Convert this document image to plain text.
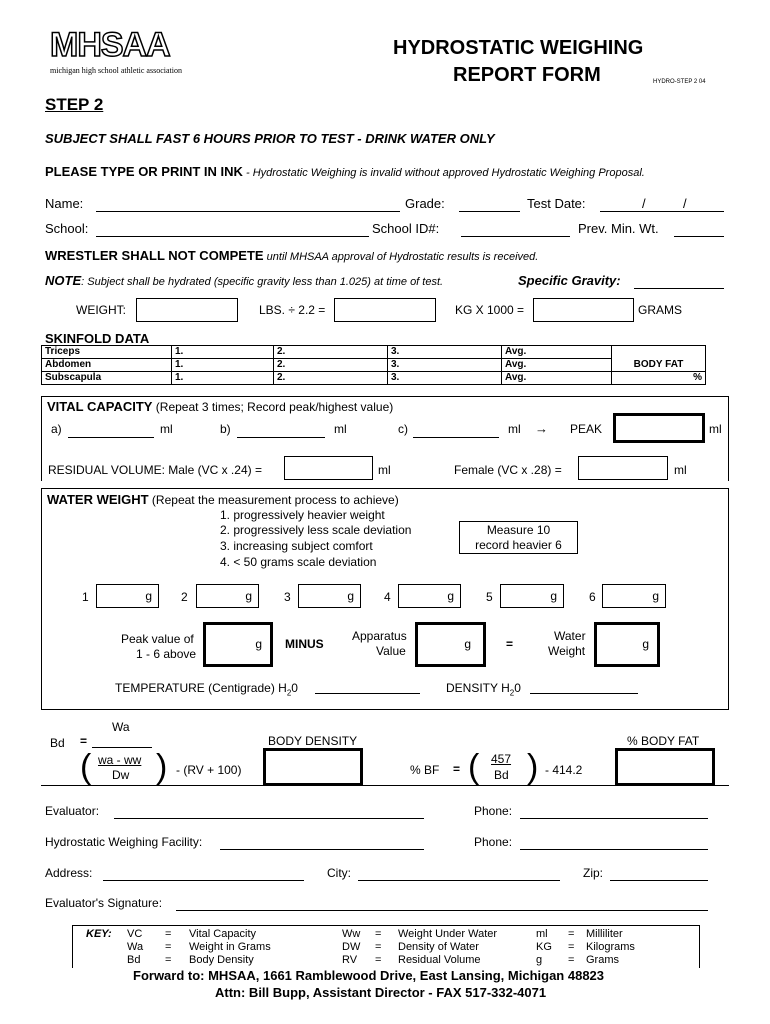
MHSAA
michigan high school athletic association
HYDROSTATIC WEIGHING
REPORT FORM	HYDRO-STEP 2 04
STEP 2
SUBJECT SHALL FAST 6 HOURS PRIOR TO TEST - DRINK WATER ONLY
PLEASE TYPE OR PRINT IN INK - Hydrostatic Weighing is invalid without approved Hydrostatic Weighing Proposal.
Name:	Grade:	Test Date:	/	/
School:	School ID#:	Prev. Min. Wt.
WRESTLER SHALL NOT COMPETE until MHSAA approval of Hydrostatic results is received.
NOTE: Subject shall be hydrated (specific gravity less than 1.025) at time of test.	Specific Gravity:
WEIGHT:	LBS. ÷ 2.2 =	KG X 1000 =	GRAMS
SKINFOLD DATA
Triceps	1.	2.	3.	Avg.	BODY FAT
Abdomen	1.	2.	3.	Avg.	
Subscapula	1.	2.	3.	Avg.	%
VITAL CAPACITY (Repeat 3 times; Record peak/highest value)
a)	ml	b)	ml	c)	ml → PEAK	ml
RESIDUAL VOLUME: Male (VC x .24) =	ml	Female (VC x .28) =	ml
WATER WEIGHT (Repeat the measurement process to achieve)
1. progressively heavier weight
2. progressively less scale deviation
3. increasing subject comfort
4. < 50 grams scale deviation
Measure 10
record heavier 6
1	g 2	g	3	g	4	g	5	g	6	g
Peak value of
1 - 6 above
g MINUS
Apparatus
Value	g	=
Water
Weight	g
TEMPERATURE (Centigrade) $H_20$	DENSITY $H_20$
Wa
Bd =
( wa - ww
Dw ) - (RV + 100)
BODY DENSITY
% BF = ( 457
Bd ) - 414.2
% BODY FAT
Evaluator:	Phone:
Hydrostatic Weighing Facility:	Phone:
Address:	City:	Zip:
Evaluator's Signature:
KEY: VC = Vital Capacity
Wa = Weight in Grams
Bd = Body Density
Ww = Weight Under Water
DW = Density of Water
RV = Residual Volume
ml = Milliliter
KG = Kilograms
g = Grams
Forward to: MHSAA, 1661 Ramblewood Drive, East Lansing, Michigan 48823
Attn: Bill Bupp, Assistant Director - FAX 517-332-4071
